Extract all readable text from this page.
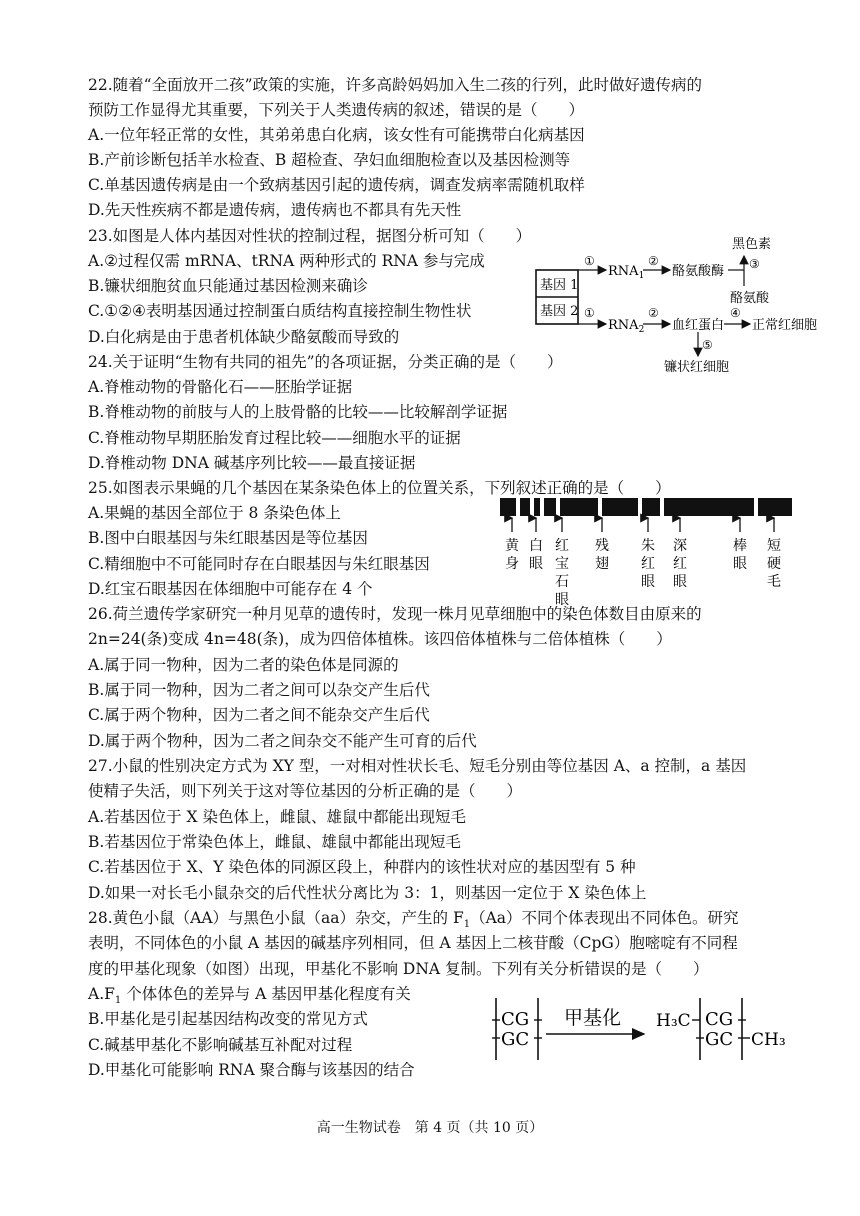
22.随着“全面放开二孩”政策的实施，许多高龄妈妈加入生二孩的行列，此时做好遗传病的

预防工作显得尤其重要，下列关于人类遗传病的叙述，错误的是（　　）

A.一位年轻正常的女性，其弟弟患白化病，该女性有可能携带白化病基因

B.产前诊断包括羊水检查、B 超检查、孕妇血细胞检查以及基因检测等

C.单基因遗传病是由一个致病基因引起的遗传病，调查发病率需随机取样

D.先天性疾病不都是遗传病，遗传病也不都具有先天性

23.如图是人体内基因对性状的控制过程，据图分析可知（　　）

A.②过程仅需 mRNA、tRNA 两种形式的 RNA 参与完成

B.镰状细胞贫血只能通过基因检测来确诊

C.①②④表明基因通过控制蛋白质结构直接控制生物性状

D.白化病是由于患者机体缺少酪氨酸而导致的

基因 1
基因 2
①
$RNA_1$
②
酪氨酸酶
黑色素
③
酪氨酸
①
$RNA_2$
②
血红蛋白
④
正常红细胞
⑤
镰状红细胞

24.关于证明“生物有共同的祖先”的各项证据，分类正确的是（　　）

A.脊椎动物的骨骼化石——胚胎学证据

B.脊椎动物的前肢与人的上肢骨骼的比较——比较解剖学证据

C.脊椎动物早期胚胎发育过程比较——细胞水平的证据

D.脊椎动物 DNA 碱基序列比较——最直接证据

25.如图表示果蝇的几个基因在某条染色体上的位置关系，下列叙述正确的是（　　）

A.果蝇的基因全部位于 8 条染色体上

B.图中白眼基因与朱红眼基因是等位基因

C.精细胞中不可能同时存在白眼基因与朱红眼基因

D.红宝石眼基因在体细胞中可能存在 4 个

黄身
白眼
红宝石眼
残翅
朱红眼
深红眼
棒眼
短硬毛

26.荷兰遗传学家研究一种月见草的遗传时，发现一株月见草细胞中的染色体数目由原来的

2n=24(条)变成 4n=48(条)，成为四倍体植株。该四倍体植株与二倍体植株（　　）

A.属于同一物种，因为二者的染色体是同源的

B.属于同一物种，因为二者之间可以杂交产生后代

C.属于两个物种，因为二者之间不能杂交产生后代

D.属于两个物种，因为二者之间杂交不能产生可育的后代

27.小鼠的性别决定方式为 XY 型，一对相对性状长毛、短毛分别由等位基因 A、a 控制，a 基因

使精子失活，则下列关于这对等位基因的分析正确的是（　　）

A.若基因位于 X 染色体上，雌鼠、雄鼠中都能出现短毛

B.若基因位于常染色体上，雌鼠、雄鼠中都能出现短毛

C.若基因位于 X、Y 染色体的同源区段上，种群内的该性状对应的基因型有 5 种

D.如果一对长毛小鼠杂交的后代性状分离比为 3：1，则基因一定位于 X 染色体上

28.黄色小鼠（AA）与黑色小鼠（aa）杂交，产生的 $F_1(Aa)$不同个体表现出不同体色。研究

表明，不同体色的小鼠 A 基因的碱基序列相同，但 A 基因上二核苷酸（CpG）胞嘧啶有不同程

度的甲基化现象（如图）出现，甲基化不影响 DNA 复制。下列有关分析错误的是（　　）

$A.F_1$ 个体体色的差异与 A 基因甲基化程度有关

B.甲基化是引起基因结构改变的常见方式

C.碱基甲基化不影响碱基互补配对过程

D.甲基化可能影响 RNA 聚合酶与该基因的结合

CG
GC
甲基化 H₃C CG
GC CH₃
高一生物试卷　第 4 页（共 10 页）
